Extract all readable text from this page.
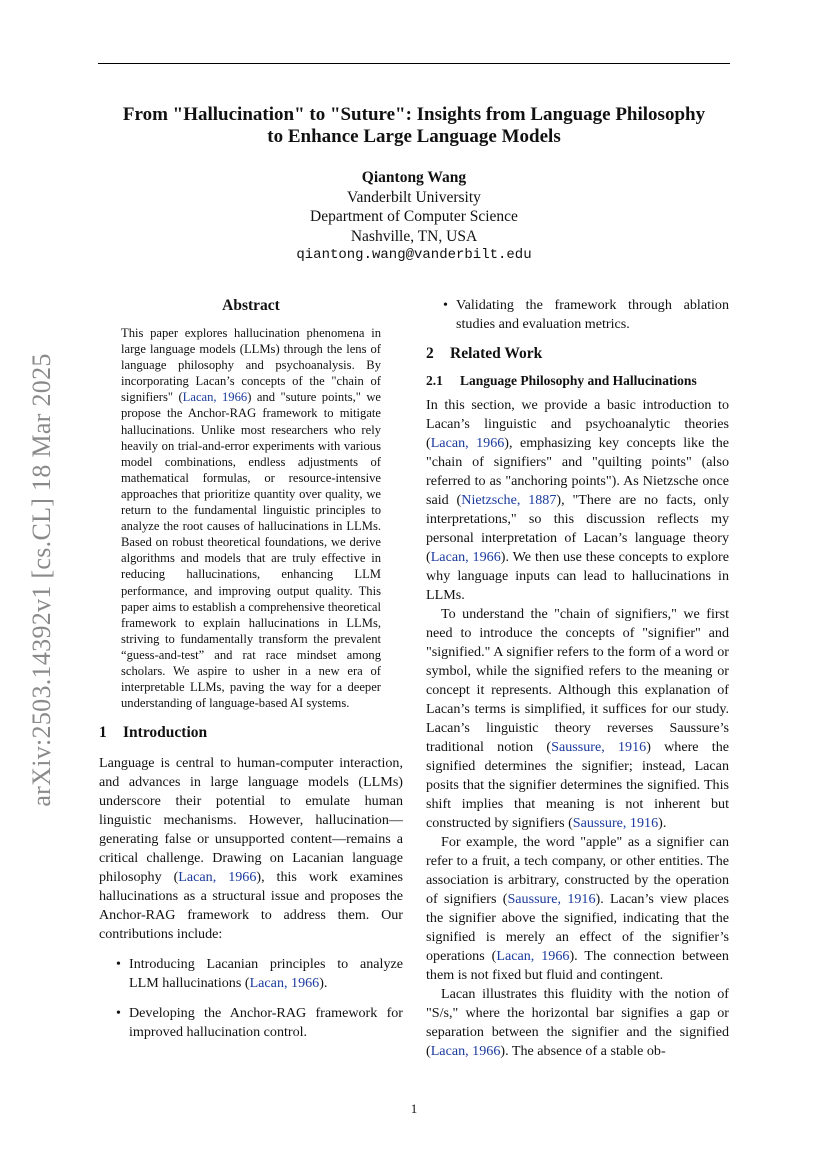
arXiv:2503.14392v1 [cs.CL] 18 Mar 2025
From "Hallucination" to "Suture": Insights from Language Philosophy
to Enhance Large Language Models
Qiantong Wang
Vanderbilt University
Department of Computer Science
Nashville, TN, USA
qiantong.wang@vanderbilt.edu
Abstract
This paper explores hallucination phenomena in large language models (LLMs) through the lens of language philosophy and psychoanalysis. By incorporating Lacan’s concepts of the "chain of signifiers" (Lacan, 1966) and "suture points," we propose the Anchor-RAG framework to mitigate hallucinations. Unlike most researchers who rely heavily on trial-and-error experiments with various model combinations, endless adjustments of mathematical formulas, or resource-intensive approaches that prioritize quantity over quality, we return to the fundamental linguistic principles to analyze the root causes of hallucinations in LLMs. Based on robust theoretical foundations, we derive algorithms and models that are truly effective in reducing hallucinations, enhancing LLM performance, and improving output quality. This paper aims to establish a comprehensive theoretical framework to explain hallucinations in LLMs, striving to fundamentally transform the prevalent “guess-and-test” and rat race mindset among scholars. We aspire to usher in a new era of interpretable LLMs, paving the way for a deeper understanding of language-based AI systems.
1 Introduction

Language is central to human-computer interaction, and advances in large language models (LLMs) underscore their potential to emulate human linguistic mechanisms. However, hallucination—generating false or unsupported content—remains a critical challenge. Drawing on Lacanian language philosophy (Lacan, 1966), this work examines hallucinations as a structural issue and proposes the Anchor-RAG framework to address them. Our contributions include:

• Introducing Lacanian principles to analyze LLM hallucinations (Lacan, 1966).
• Developing the Anchor-RAG framework for improved hallucination control.
• Validating the framework through ablation studies and evaluation metrics.
2 Related Work
2.1 Language Philosophy and Hallucinations

In this section, we provide a basic introduction to Lacan’s linguistic and psychoanalytic theories (Lacan, 1966), emphasizing key concepts like the "chain of signifiers" and "quilting points" (also referred to as "anchoring points"). As Nietzsche once said (Nietzsche, 1887), "There are no facts, only interpretations," so this discussion reflects my personal interpretation of Lacan’s language theory (Lacan, 1966). We then use these concepts to explore why language inputs can lead to hallucinations in LLMs.

To understand the "chain of signifiers," we first need to introduce the concepts of "signifier" and "signified." A signifier refers to the form of a word or symbol, while the signified refers to the meaning or concept it represents. Although this explanation of Lacan’s terms is simplified, it suffices for our study. Lacan’s linguistic theory reverses Saussure’s traditional notion (Saussure, 1916) where the signified determines the signifier; instead, Lacan posits that the signifier determines the signified. This shift implies that meaning is not inherent but constructed by signifiers (Saussure, 1916).

For example, the word "apple" as a signifier can refer to a fruit, a tech company, or other entities. The association is arbitrary, constructed by the operation of signifiers (Saussure, 1916). Lacan’s view places the signifier above the signified, indicating that the signified is merely an effect of the signifier’s operations (Lacan, 1966). The connection between them is not fixed but fluid and contingent.

Lacan illustrates this fluidity with the notion of "S/s," where the horizontal bar signifies a gap or separation between the signifier and the signified (Lacan, 1966). The absence of a stable ob-

1
